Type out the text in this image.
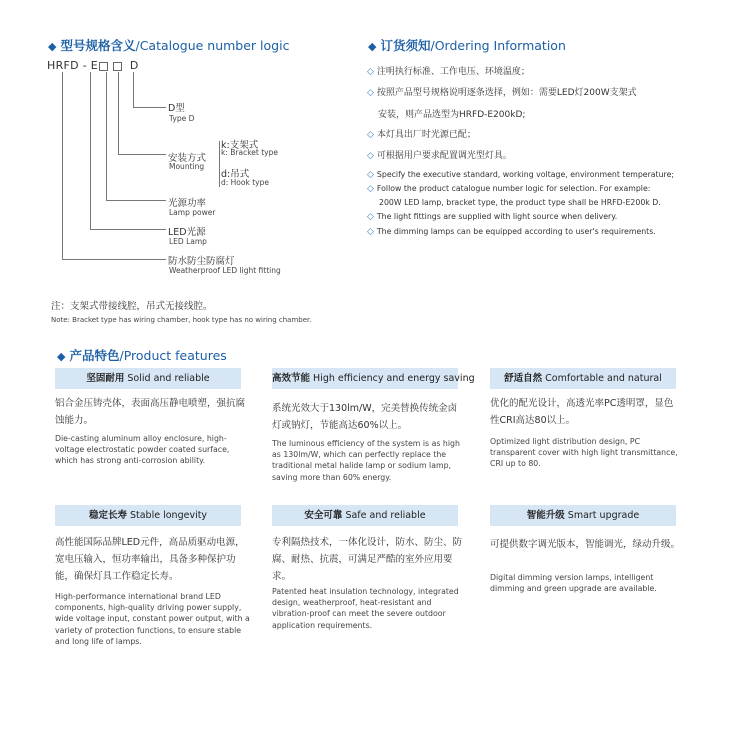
◆ 型号规格含义/Catalogue number logic
HRFD - E	D
D型
Type D
安装方式
Mounting
k:支架式
k: Bracket type
d:吊式
d: Hook type
光源功率
Lamp power
LED光源
LED Lamp
防水防尘防腐灯
Weatherproof LED light fitting
注：支架式带接线腔，吊式无接线腔。
Note: Bracket type has wiring chamber, hook type has no wiring chamber.
◆ 订货须知/Ordering Information
◇ 注明执行标准、工作电压、环境温度；
◇ 按照产品型号规格说明逐条选择，例如：需要LED灯200W支架式
安装，则产品选型为HRFD-E200kD;
◇ 本灯具出厂时光源已配；
◇ 可根据用户要求配置调光型灯具。
◇ Specify the executive standard, working voltage, environment temperature;
◇ Follow the product catalogue number logic for selection. For example:
200W LED lamp, bracket type, the product type shall be HRFD-E200k D.
◇ The light fittings are supplied with light source when delivery.
◇ The dimming lamps can be equipped according to user's requirements.
◆ 产品特色/Product features
坚固耐用 Solid and reliable
铝合金压铸壳体，表面高压静电喷塑，强抗腐蚀能力。
Die-casting aluminum alloy enclosure, high-voltage electrostatic powder coated surface, which has strong anti-corrosion ability.
高效节能 High efficiency and energy saving
系统光效大于130lm/W，完美替换传统金卤灯或钠灯，节能高达60%以上。
The luminous efficiency of the system is as high as 130lm/W, which can perfectly replace the traditional metal halide lamp or sodium lamp, saving more than 60% energy.
舒适自然 Comfortable and natural
优化的配光设计，高透光率PC透明罩，显色性CRI高达80以上。
Optimized light distribution design, PC transparent cover with high light transmittance, CRI up to 80.
稳定长寿 Stable longevity
高性能国际品牌LED元件，高品质驱动电源，宽电压输入，恒功率输出，具备多种保护功能，确保灯具工作稳定长寿。
High-performance international brand LED components, high-quality driving power supply, wide voltage input, constant power output, with a variety of protection functions, to ensure stable and long life of lamps.
安全可靠 Safe and reliable
专利隔热技术，一体化设计，防水、防尘、防腐、耐热、抗震，可满足严酷的室外应用要求。
Patented heat insulation technology, integrated design, weatherproof, heat-resistant and vibration-proof can meet the severe outdoor application requirements.
智能升级 Smart upgrade
可提供数字调光版本，智能调光，绿动升级。
Digital dimming version lamps, intelligent dimming and green upgrade are available.
